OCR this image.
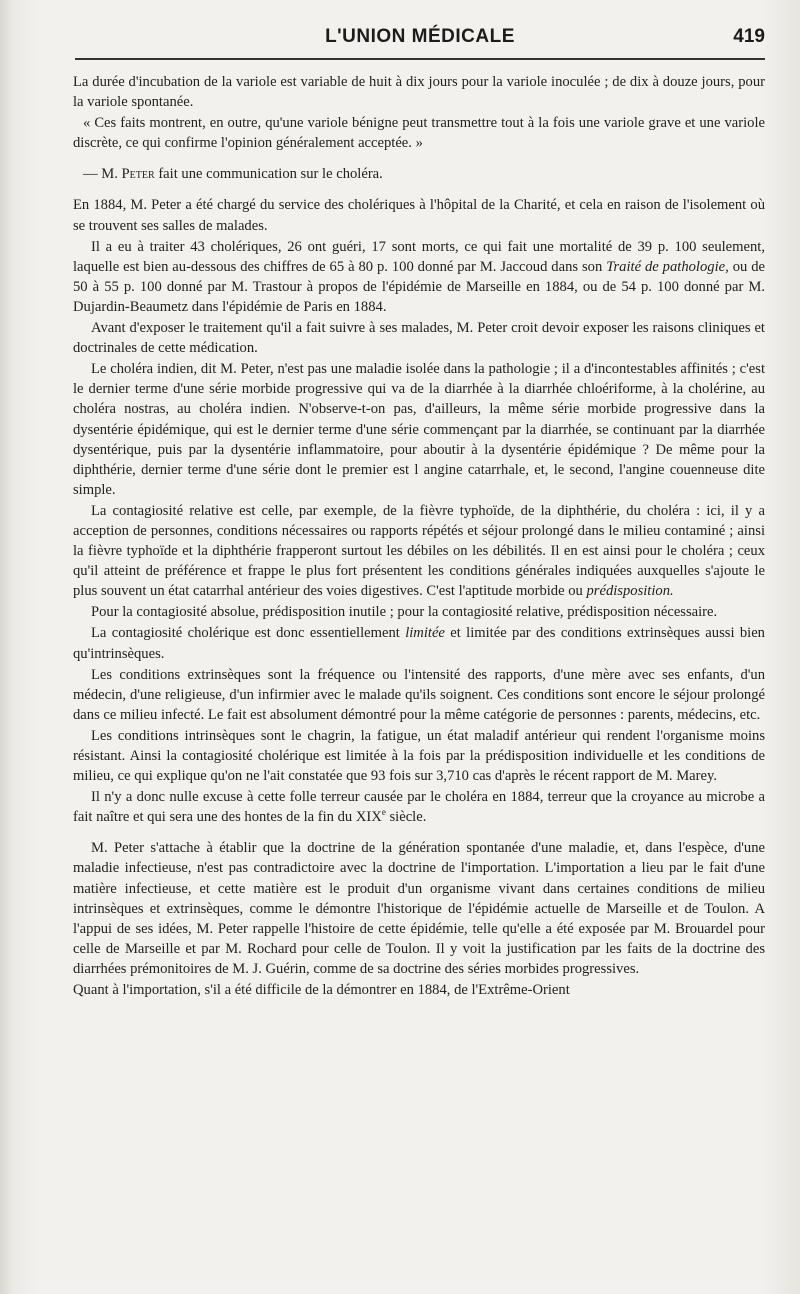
L'UNION MÉDICALE	419

La durée d'incubation de la variole est variable de huit à dix jours pour la variole inoculée ; de dix à douze jours, pour la variole spontanée.

« Ces faits montrent, en outre, qu'une variole bénigne peut transmettre tout à la fois une variole grave et une variole discrète, ce qui confirme l'opinion généralement acceptée. »

— M. Peter fait une communication sur le choléra.

En 1884, M. Peter a été chargé du service des cholériques à l'hôpital de la Charité, et cela en raison de l'isolement où se trouvent ses salles de malades.

Il a eu à traiter 43 cholériques, 26 ont guéri, 17 sont morts, ce qui fait une mortalité de 39 p. 100 seulement, laquelle est bien au-dessous des chiffres de 65 à 80 p. 100 donné par M. Jaccoud dans son Traité de pathologie, ou de 50 à 55 p. 100 donné par M. Trastour à propos de l'épidémie de Marseille en 1884, ou de 54 p. 100 donné par M. Dujardin-Beaumetz dans l'épidémie de Paris en 1884.

Avant d'exposer le traitement qu'il a fait suivre à ses malades, M. Peter croit devoir exposer les raisons cliniques et doctrinales de cette médication.

Le choléra indien, dit M. Peter, n'est pas une maladie isolée dans la pathologie ; il a d'incontestables affinités ; c'est le dernier terme d'une série morbide progressive qui va de la diarrhée à la diarrhée chloériforme, à la cholérine, au choléra nostras, au choléra indien. N'observe-t-on pas, d'ailleurs, la même série morbide progressive dans la dysentérie épidémique, qui est le dernier terme d'une série commençant par la diarrhée, se continuant par la diarrhée dysentérique, puis par la dysentérie inflammatoire, pour aboutir à la dysentérie épidémique ? De même pour la diphthérie, dernier terme d'une série dont le premier est l angine catarrhale, et, le second, l'angine couenneuse dite simple.

La contagiosité relative est celle, par exemple, de la fièvre typhoïde, de la diphthérie, du choléra : ici, il y a acception de personnes, conditions nécessaires ou rapports répétés et séjour prolongé dans le milieu contaminé ; ainsi la fièvre typhoïde et la diphthérie frapperont surtout les débiles on les débilités. Il en est ainsi pour le choléra ; ceux qu'il atteint de préférence et frappe le plus fort présentent les conditions générales indiquées auxquelles s'ajoute le plus souvent un état catarrhal antérieur des voies digestives. C'est l'aptitude morbide ou prédisposition.

Pour la contagiosité absolue, prédisposition inutile ; pour la contagiosité relative, prédisposition nécessaire.

La contagiosité cholérique est donc essentiellement limitée et limitée par des conditions extrinsèques aussi bien qu'intrinsèques.

Les conditions extrinsèques sont la fréquence ou l'intensité des rapports, d'une mère avec ses enfants, d'un médecin, d'une religieuse, d'un infirmier avec le malade qu'ils soignent. Ces conditions sont encore le séjour prolongé dans ce milieu infecté. Le fait est absolument démontré pour la même catégorie de personnes : parents, médecins, etc.

Les conditions intrinsèques sont le chagrin, la fatigue, un état maladif antérieur qui rendent l'organisme moins résistant. Ainsi la contagiosité cholérique est limitée à la fois par la prédisposition individuelle et les conditions de milieu, ce qui explique qu'on ne l'ait constatée que 93 fois sur 3,710 cas d'après le récent rapport de M. Marey.

Il n'y a donc nulle excuse à cette folle terreur causée par le choléra en 1884, terreur que la croyance au microbe a fait naître et qui sera une des hontes de la fin du XIXe siècle.

M. Peter s'attache à établir que la doctrine de la génération spontanée d'une maladie, et, dans l'espèce, d'une maladie infectieuse, n'est pas contradictoire avec la doctrine de l'importation. L'importation a lieu par le fait d'une matière infectieuse, et cette matière est le produit d'un organisme vivant dans certaines conditions de milieu intrinsèques et extrinsèques, comme le démontre l'historique de l'épidémie actuelle de Marseille et de Toulon. A l'appui de ses idées, M. Peter rappelle l'histoire de cette épidémie, telle qu'elle a été exposée par M. Brouardel pour celle de Marseille et par M. Rochard pour celle de Toulon. Il y voit la justification par les faits de la doctrine des diarrhées prémonitoires de M. J. Guérin, comme de sa doctrine des séries morbides progressives.

Quant à l'importation, s'il a été difficile de la démontrer en 1884, de l'Extrême-Orient
